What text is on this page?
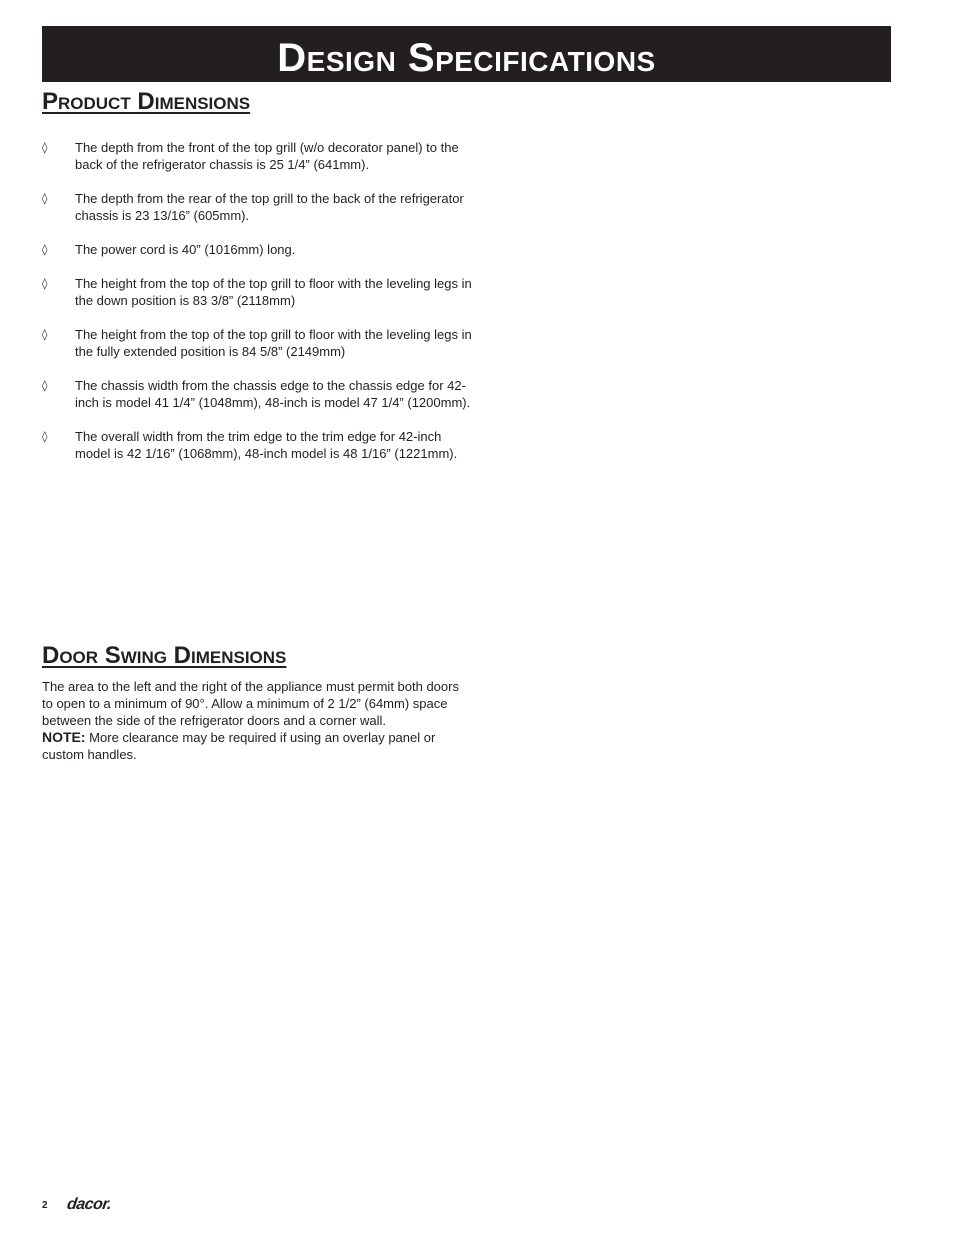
Design Specifications
Product Dimensions
◊	The depth from the front of the top grill (w/o decorator panel) to the back of the refrigerator chassis is 25 1/4” (641mm).
◊	The depth from the rear of the top grill to the back of the refrigerator chassis is 23 13/16” (605mm).
◊	The power cord is 40” (1016mm) long.
◊	The height from the top of the top grill to floor with the leveling legs in the down position is 83 3/8” (2118mm)
◊	The height from the top of the top grill to floor with the leveling legs in the fully extended position is 84 5/8” (2149mm)
◊	The chassis width from the chassis edge to the chassis edge for 42-inch is model 41 1/4” (1048mm), 48-inch is model 47 1/4” (1200mm).
◊	The overall width from the trim edge to the trim edge for 42-inch model is 42 1/16” (1068mm), 48-inch model is 48 1/16” (1221mm).
Door Swing Dimensions

The area to the left and the right of the appliance must permit both doors to open to a minimum of 90°. Allow a minimum of 2 1/2” (64mm) space between the side of the refrigerator doors and a corner wall.
NOTE: More clearance may be required if using an overlay panel or custom handles.

2 dacor.
